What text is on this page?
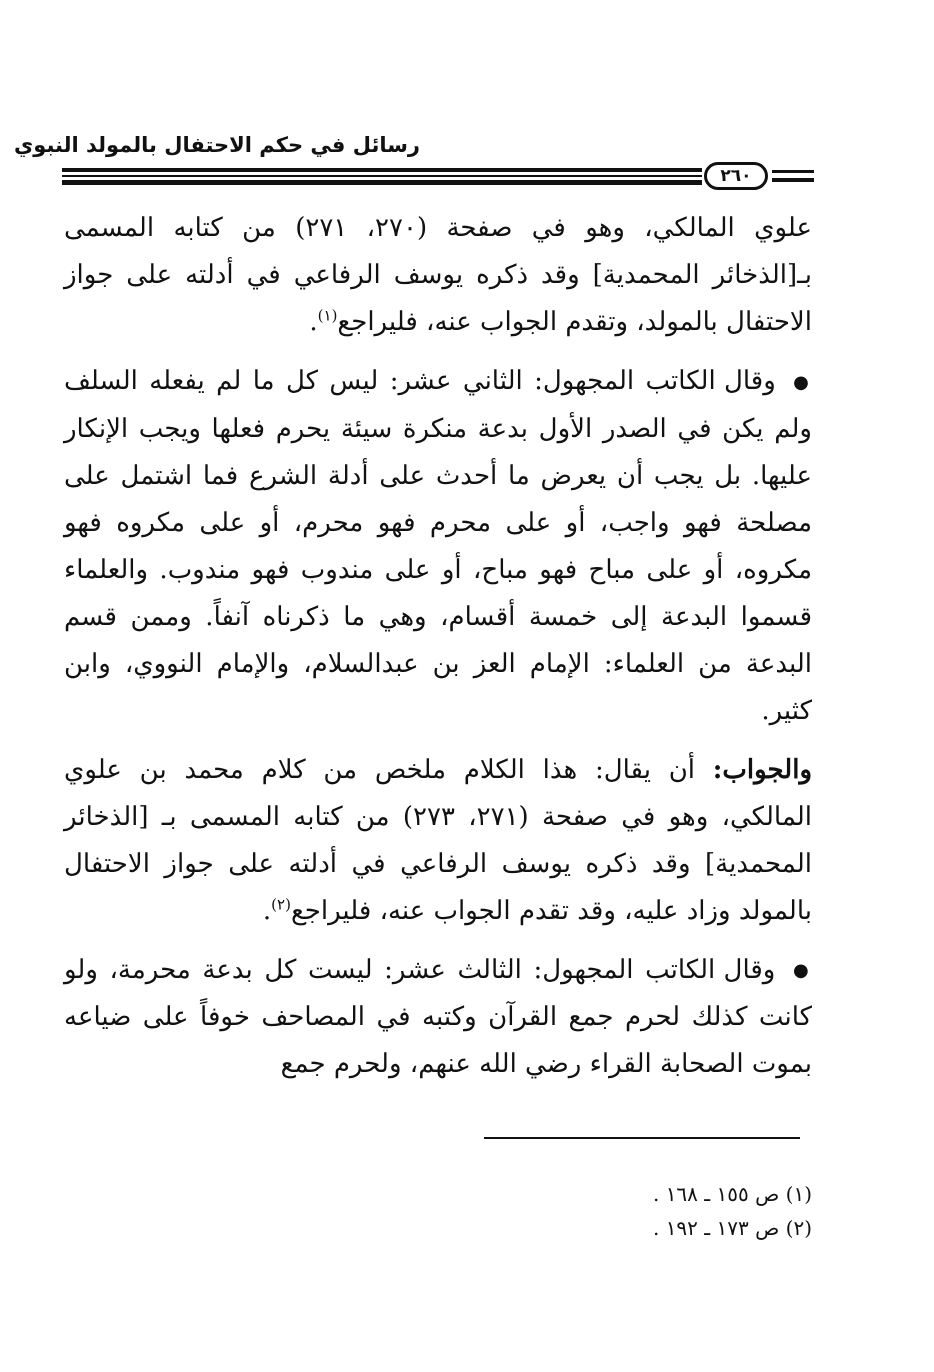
رسائل في حكم الاحتفال بالمولد النبوي
٢٦٠

علوي المالكي، وهو في صفحة (٢٧٠، ٢٧١) من كتابه المسمى بـ[الذخائر المحمدية] وقد ذكره يوسف الرفاعي في أدلته على جواز الاحتفال بالمولد، وتقدم الجواب عنه، فليراجع$^{(١)}$.

● وقال الكاتب المجهول: الثاني عشر: ليس كل ما لم يفعله السلف ولم يكن في الصدر الأول بدعة منكرة سيئة يحرم فعلها ويجب الإنكار عليها. بل يجب أن يعرض ما أحدث على أدلة الشرع فما اشتمل على مصلحة فهو واجب، أو على محرم فهو محرم، أو على مكروه فهو مكروه، أو على مباح فهو مباح، أو على مندوب فهو مندوب. والعلماء قسموا البدعة إلى خمسة أقسام، وهي ما ذكرناه آنفاً. وممن قسم البدعة من العلماء: الإمام العز بن عبدالسلام، والإمام النووي، وابن كثير.

والجواب: أن يقال: هذا الكلام ملخص من كلام محمد بن علوي المالكي، وهو في صفحة (٢٧١، ٢٧٣) من كتابه المسمى بـ [الذخائر المحمدية] وقد ذكره يوسف الرفاعي في أدلته على جواز الاحتفال بالمولد وزاد عليه، وقد تقدم الجواب عنه، فليراجع$^{(٢)}$.

● وقال الكاتب المجهول: الثالث عشر: ليست كل بدعة محرمة، ولو كانت كذلك لحرم جمع القرآن وكتبه في المصاحف خوفاً على ضياعه بموت الصحابة القراء رضي الله عنهم، ولحرم جمع

(١) ص ١٥٥ ـ ١٦٨ .
(٢) ص ١٧٣ ـ ١٩٢ .
